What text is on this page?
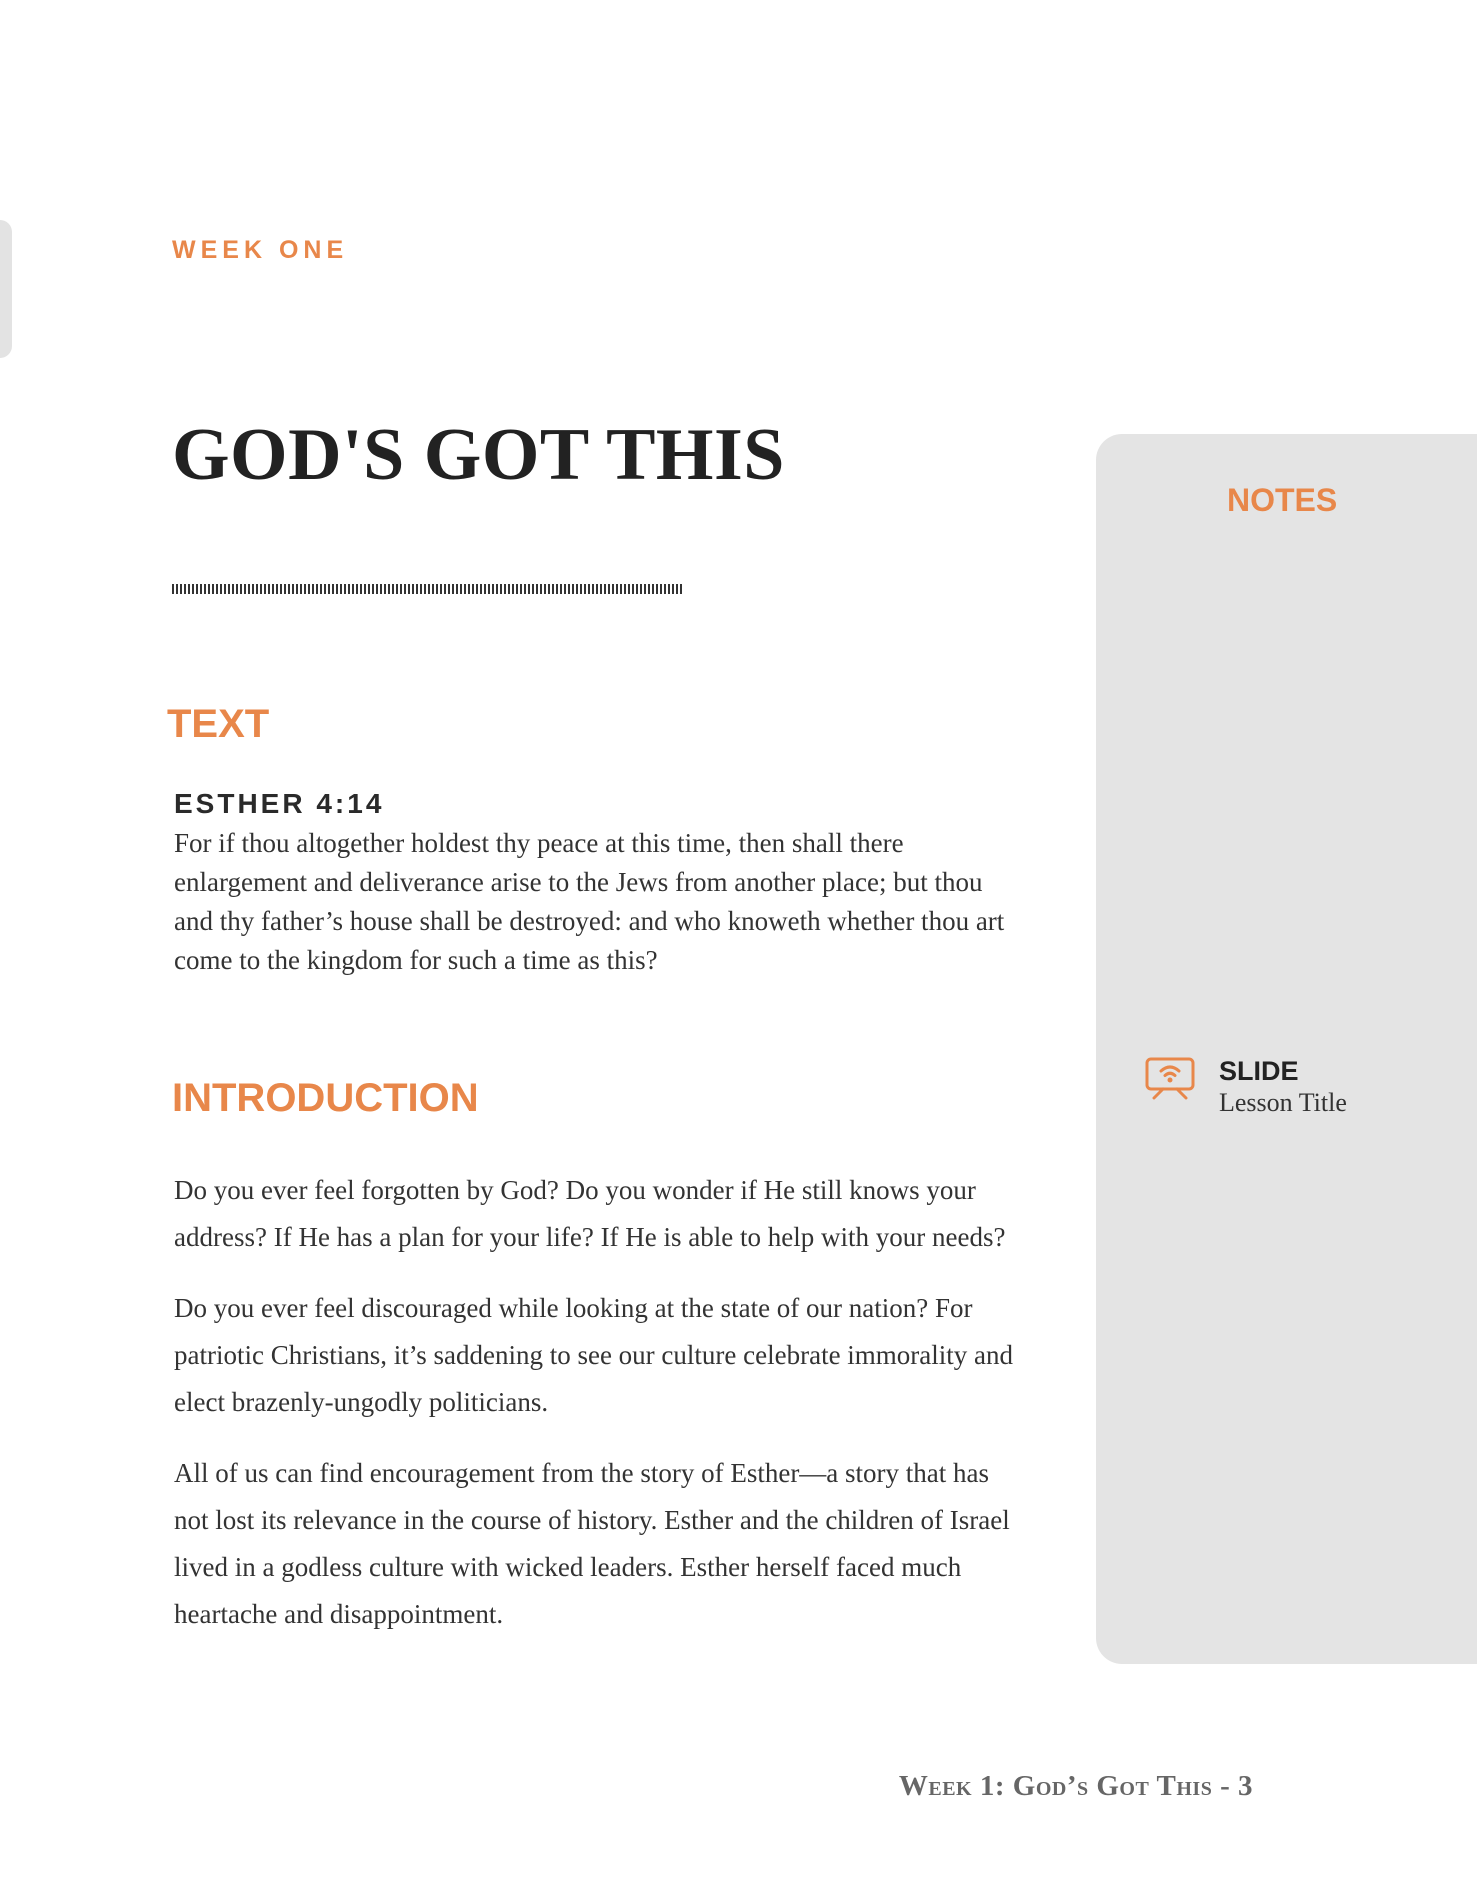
WEEK ONE
GOD'S GOT THIS
TEXT
ESTHER 4:14

For if thou altogether holdest thy peace at this time, then shall there enlargement and deliverance arise to the Jews from another place; but thou and thy father’s house shall be destroyed: and who knoweth whether thou art come to the kingdom for such a time as this?

INTRODUCTION

Do you ever feel forgotten by God? Do you wonder if He still knows your address? If He has a plan for your life? If He is able to help with your needs?

Do you ever feel discouraged while looking at the state of our nation? For patriotic Christians, it’s saddening to see our culture celebrate immorality and elect brazenly-ungodly politicians.

All of us can find encouragement from the story of Esther—a story that has not lost its relevance in the course of history. Esther and the children of Israel lived in a godless culture with wicked leaders. Esther herself faced much heartache and disappointment.

NOTES
SLIDE
Lesson Title
Week 1: God’s Got This - 3
